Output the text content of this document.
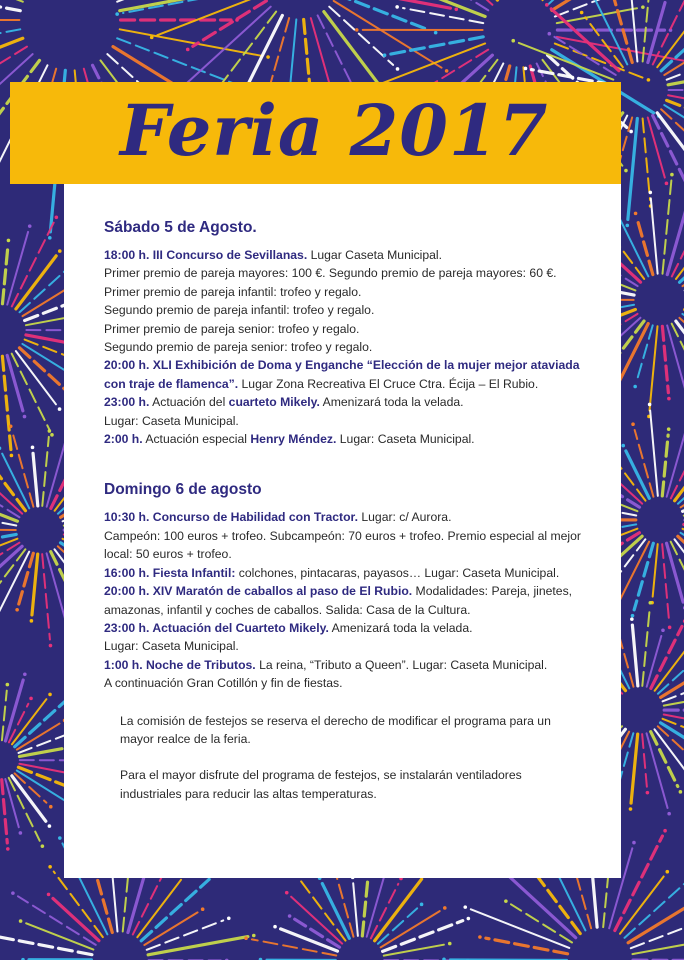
Feria 2017
Sábado 5 de Agosto.

18:00 h. III Concurso de Sevillanas. Lugar Caseta Municipal.

Primer premio de pareja mayores: 100 €. Segundo premio de pareja mayores: 60 €.

Primer premio de pareja infantil: trofeo y regalo.

Segundo premio de pareja infantil: trofeo y regalo.

Primer premio de pareja senior: trofeo y regalo.

Segundo premio de pareja senior: trofeo y regalo.

20:00 h. XLI Exhibición de Doma y Enganche “Elección de la mujer mejor ataviada

con traje de flamenca”. Lugar Zona Recreativa El Cruce Ctra. Écija – El Rubio.

23:00 h. Actuación del cuarteto Mikely. Amenizará toda la velada.

Lugar: Caseta Municipal.

2:00 h. Actuación especial Henry Méndez. Lugar: Caseta Municipal.

Domingo 6 de agosto

10:30 h. Concurso de Habilidad con Tractor. Lugar: c/ Aurora.

Campeón: 100 euros + trofeo. Subcampeón: 70 euros + trofeo. Premio especial al mejor

local: 50 euros + trofeo.

16:00 h. Fiesta Infantil: colchones, pintacaras, payasos… Lugar: Caseta Municipal.

20:00 h. XIV Maratón de caballos al paso de El Rubio. Modalidades: Pareja, jinetes,

amazonas, infantil y coches de caballos. Salida: Casa de la Cultura.

23:00 h. Actuación del Cuarteto Mikely. Amenizará toda la velada.

Lugar: Caseta Municipal.

1:00 h. Noche de Tributos. La reina, “Tributo a Queen”. Lugar: Caseta Municipal.

A continuación Gran Cotillón y fin de fiestas.

La comisión de festejos se reserva el derecho de modificar el programa para un
mayor realce de la feria.
Para el mayor disfrute del programa de festejos, se instalarán ventiladores
industriales para reducir las altas temperaturas.
